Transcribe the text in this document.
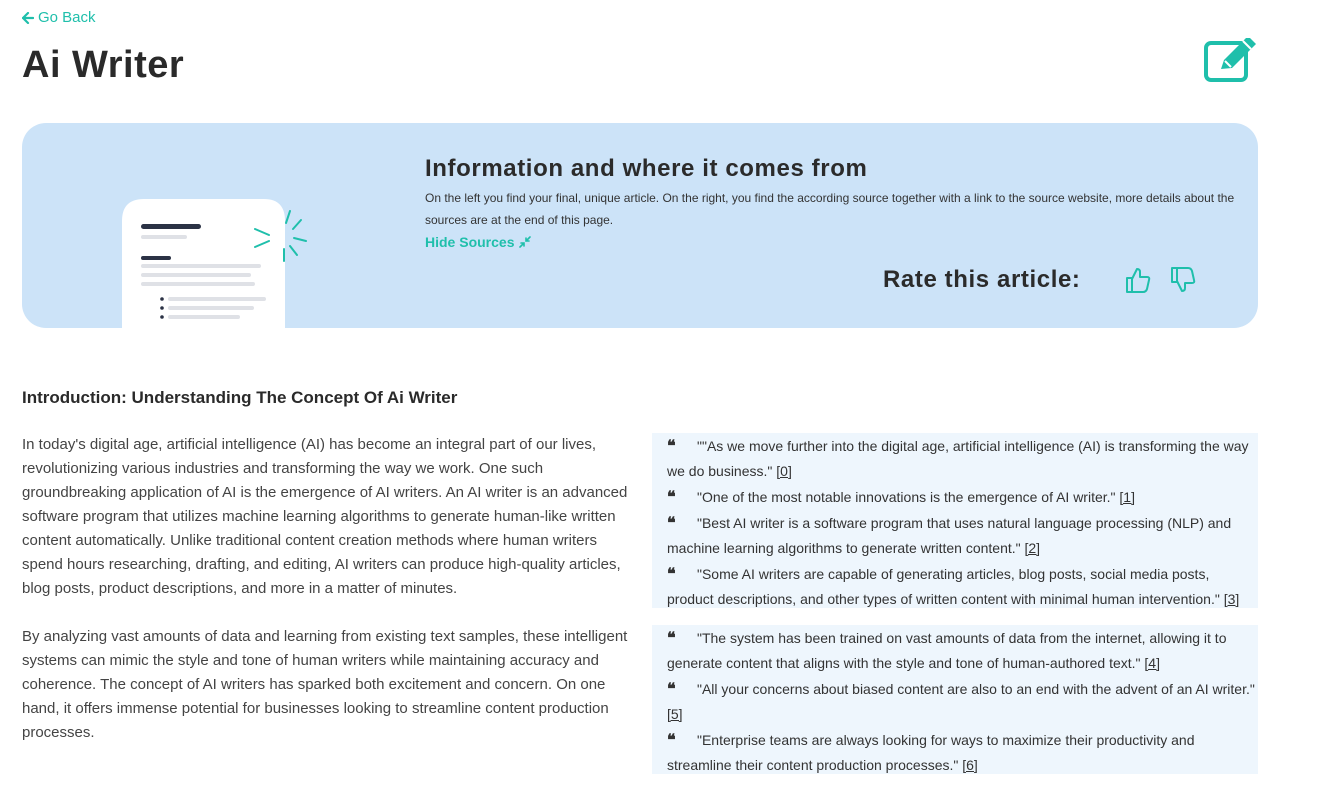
Go Back
Ai Writer
Information and where it comes from

On the left you find your final, unique article. On the right, you find the according source together with a link to the source website, more details about the sources are at the end of this page.

Hide Sources
Rate this article:
Introduction: Understanding The Concept Of Ai Writer

In today's digital age, artificial intelligence (AI) has become an integral part of our lives, revolutionizing various industries and transforming the way we work. One such groundbreaking application of AI is the emergence of AI writers. An AI writer is an advanced software program that utilizes machine learning algorithms to generate human-like written content automatically. Unlike traditional content creation methods where human writers spend hours researching, drafting, and editing, AI writers can produce high-quality articles, blog posts, product descriptions, and more in a matter of minutes.

By analyzing vast amounts of data and learning from existing text samples, these intelligent systems can mimic the style and tone of human writers while maintaining accuracy and coherence. The concept of AI writers has sparked both excitement and concern. On one hand, it offers immense potential for businesses looking to streamline content production processes.

❝ ""As we move further into the digital age, artificial intelligence (AI) is transforming the way we do business." [0]

❝ "One of the most notable innovations is the emergence of AI writer." [1]

❝ "Best AI writer is a software program that uses natural language processing (NLP) and machine learning algorithms to generate written content." [2]

❝ "Some AI writers are capable of generating articles, blog posts, social media posts, product descriptions, and other types of written content with minimal human intervention." [3]

❝ "The system has been trained on vast amounts of data from the internet, allowing it to generate content that aligns with the style and tone of human-authored text." [4]

❝ "All your concerns about biased content are also to an end with the advent of an AI writer." [5]

❝ "Enterprise teams are always looking for ways to maximize their productivity and streamline their content production processes." [6]
